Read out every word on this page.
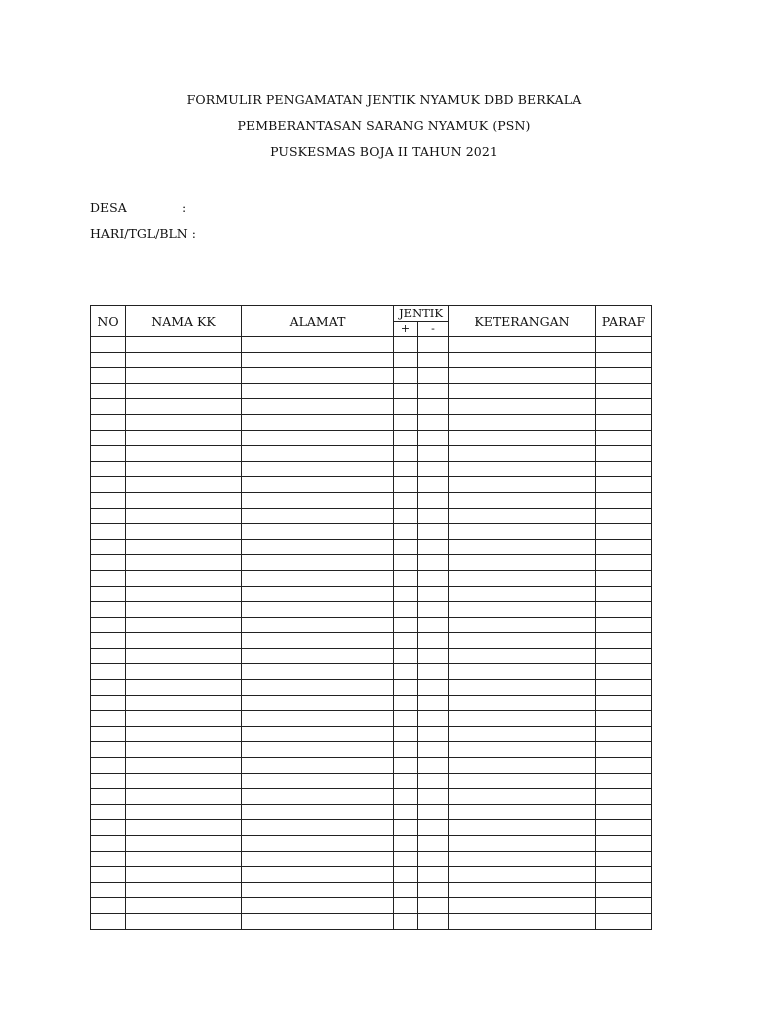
FORMULIR PENGAMATAN JENTIK NYAMUK DBD BERKALA
PEMBERANTASAN SARANG NYAMUK (PSN)
PUSKESMAS BOJA II TAHUN 2021
DESA	:
HARI/TGL/BLN :
NO	NAMA KK	ALAMAT	JENTIK		KETERANGAN	PARAF
			+	-		
